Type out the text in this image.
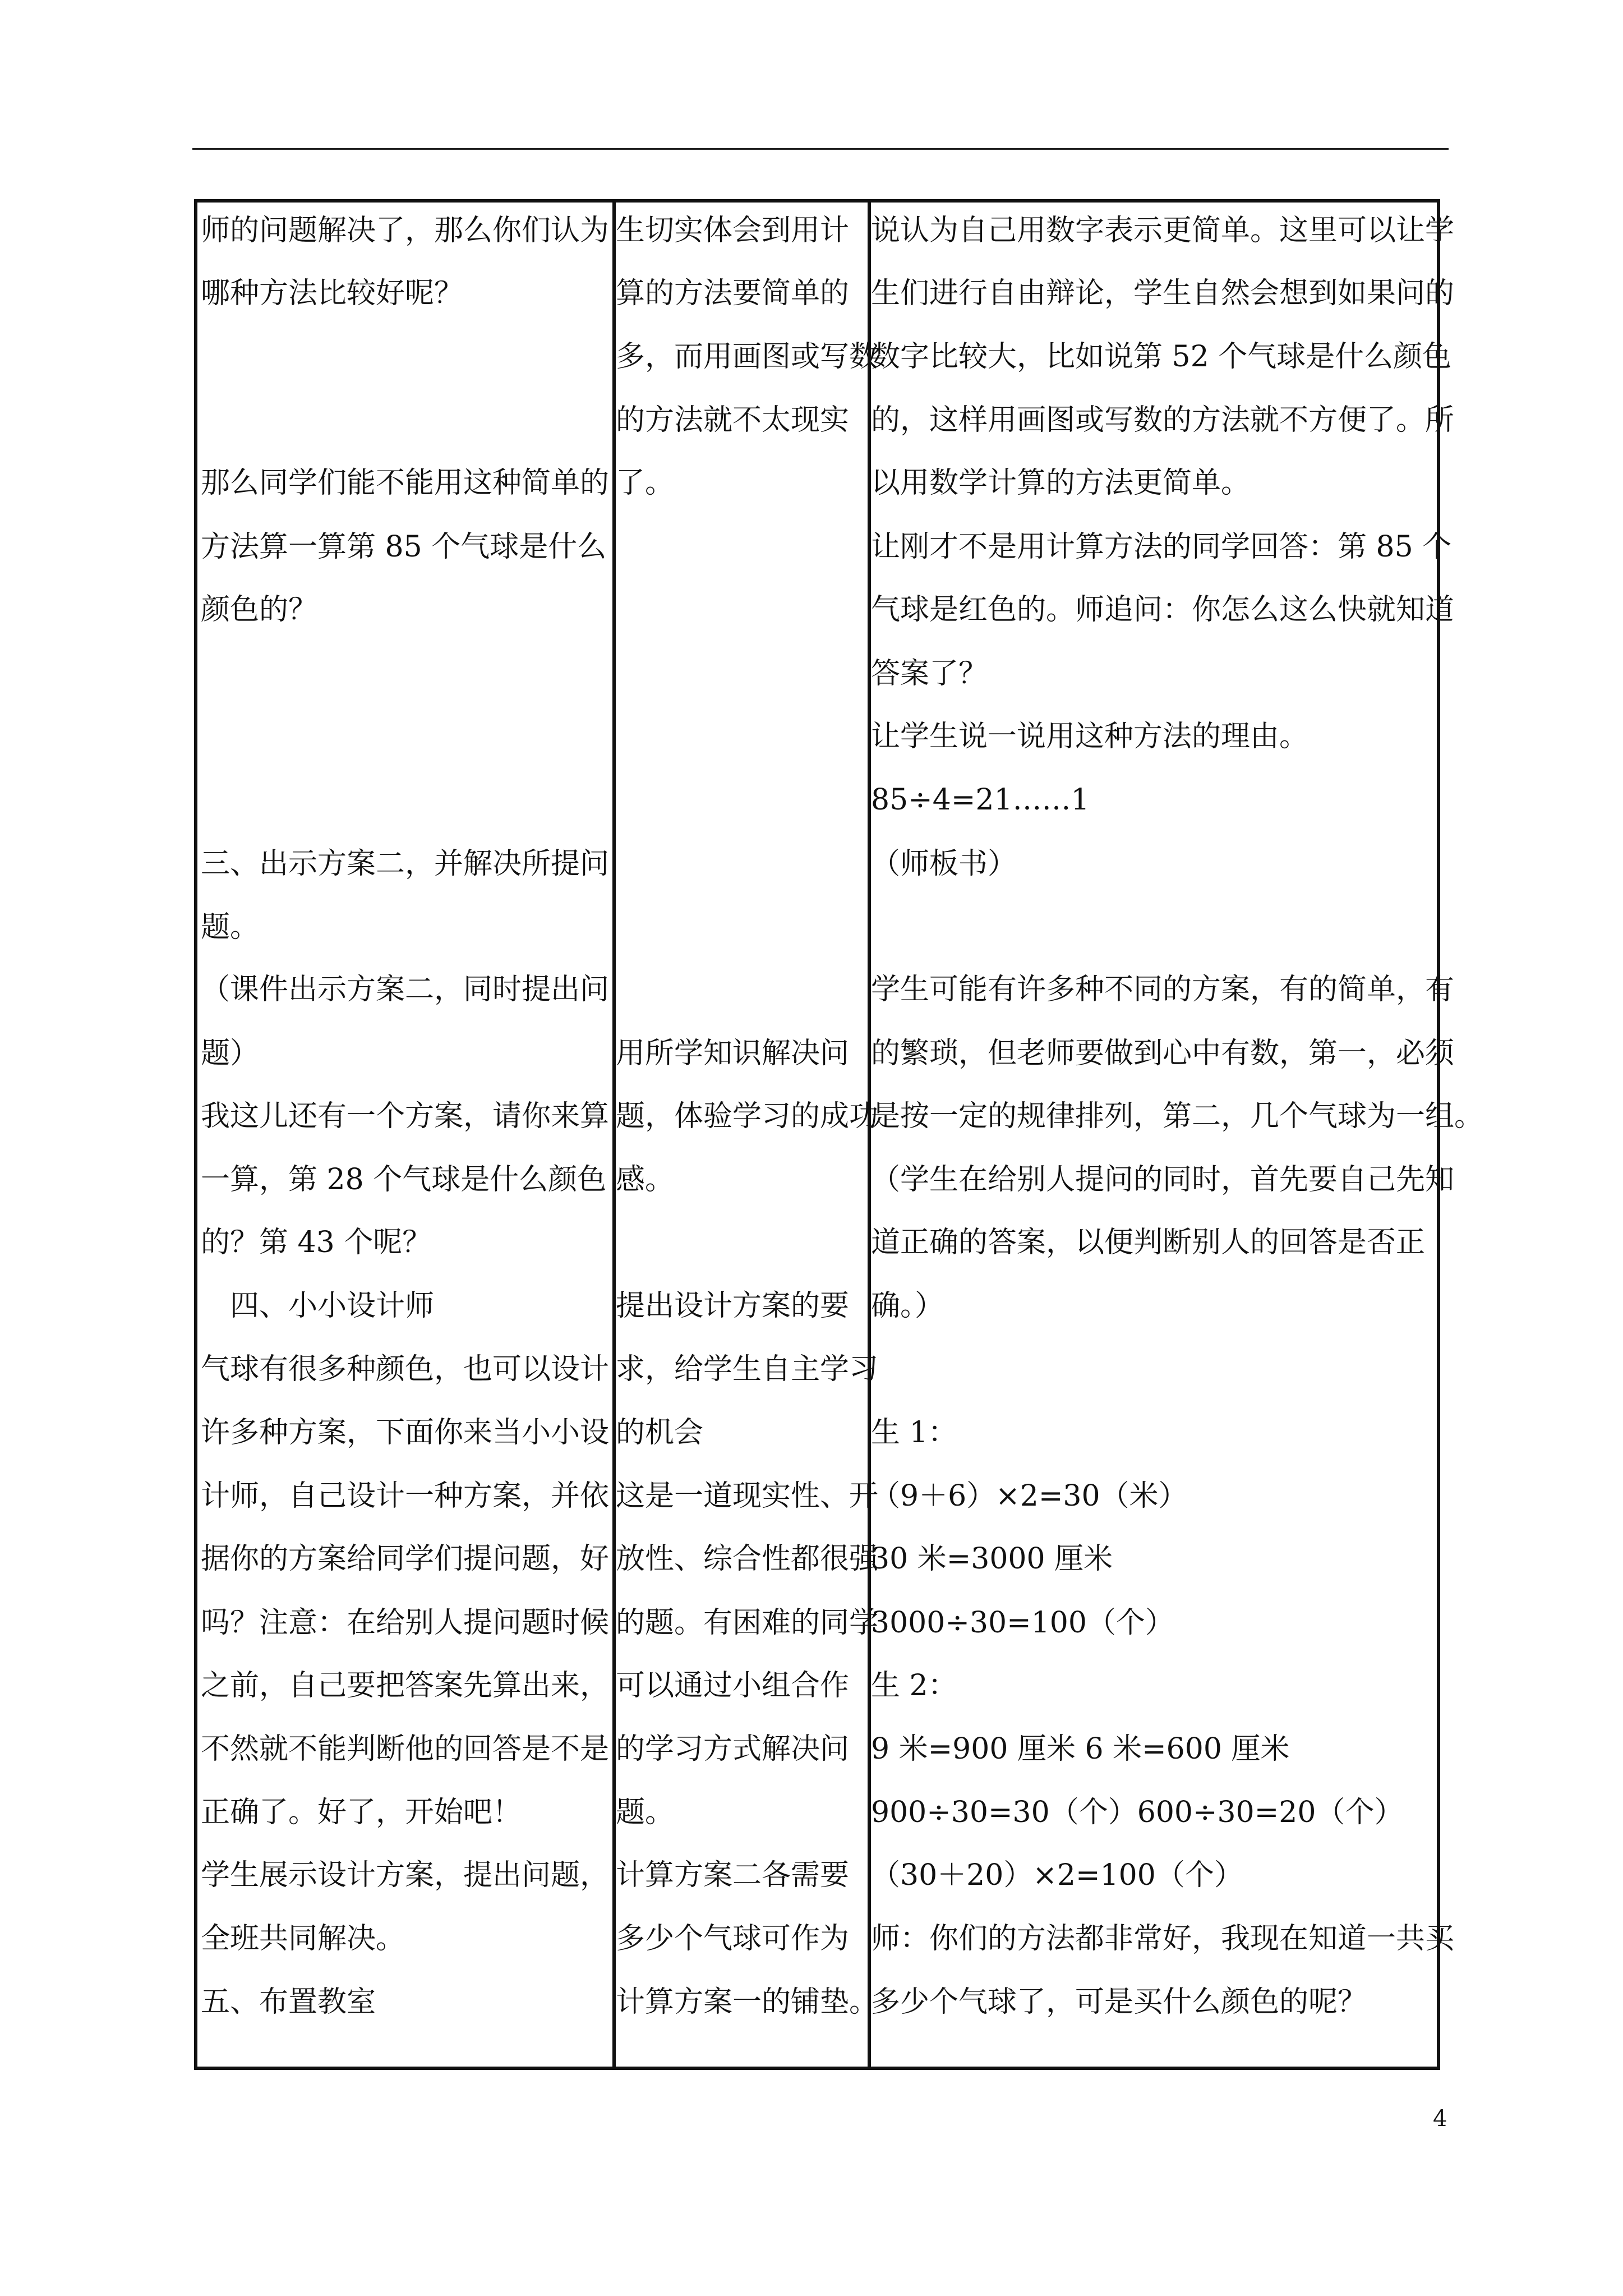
师的问题解决了，那么你们认为
哪种方法比较好呢？
那么同学们能不能用这种简单的
方法算一算第 85 个气球是什么
颜色的？
三、出示方案二，并解决所提问
题。
（课件出示方案二，同时提出问
题）
我这儿还有一个方案，请你来算
一算，第 28 个气球是什么颜色
的？第 43 个呢？
　四、小小设计师
气球有很多种颜色，也可以设计
许多种方案，下面你来当小小设
计师，自己设计一种方案，并依
据你的方案给同学们提问题，好
吗？注意：在给别人提问题时候
之前，自己要把答案先算出来，
不然就不能判断他的回答是不是
正确了。好了，开始吧！
学生展示设计方案，提出问题，
全班共同解决。
五、布置教室
生切实体会到用计
算的方法要简单的
多，而用画图或写数
的方法就不太现实
了。
用所学知识解决问
题，体验学习的成功
感。
提出设计方案的要
求，给学生自主学习
的机会
这是一道现实性、开
放性、综合性都很强
的题。有困难的同学
可以通过小组合作
的学习方式解决问
题。
计算方案二各需要
多少个气球可作为
计算方案一的铺垫。
说认为自己用数字表示更简单。这里可以让学
生们进行自由辩论，学生自然会想到如果问的
数字比较大，比如说第 52 个气球是什么颜色
的，这样用画图或写数的方法就不方便了。所
以用数学计算的方法更简单。
让刚才不是用计算方法的同学回答：第 85 个
气球是红色的。师追问：你怎么这么快就知道
答案了？
让学生说一说用这种方法的理由。
85÷4=21……1
（师板书）
学生可能有许多种不同的方案，有的简单，有
的繁琐，但老师要做到心中有数，第一，必须
是按一定的规律排列，第二，几个气球为一组。
（学生在给别人提问的同时，首先要自己先知
道正确的答案，以便判断别人的回答是否正
确。）
生 1：
（9＋6）×2=30（米）
30 米=3000 厘米
3000÷30=100（个）
生 2：
9 米=900 厘米 6 米=600 厘米
900÷30=30（个）600÷30=20（个）
（30＋20）×2=100（个）
师：你们的方法都非常好，我现在知道一共买
多少个气球了，可是买什么颜色的呢？
4
